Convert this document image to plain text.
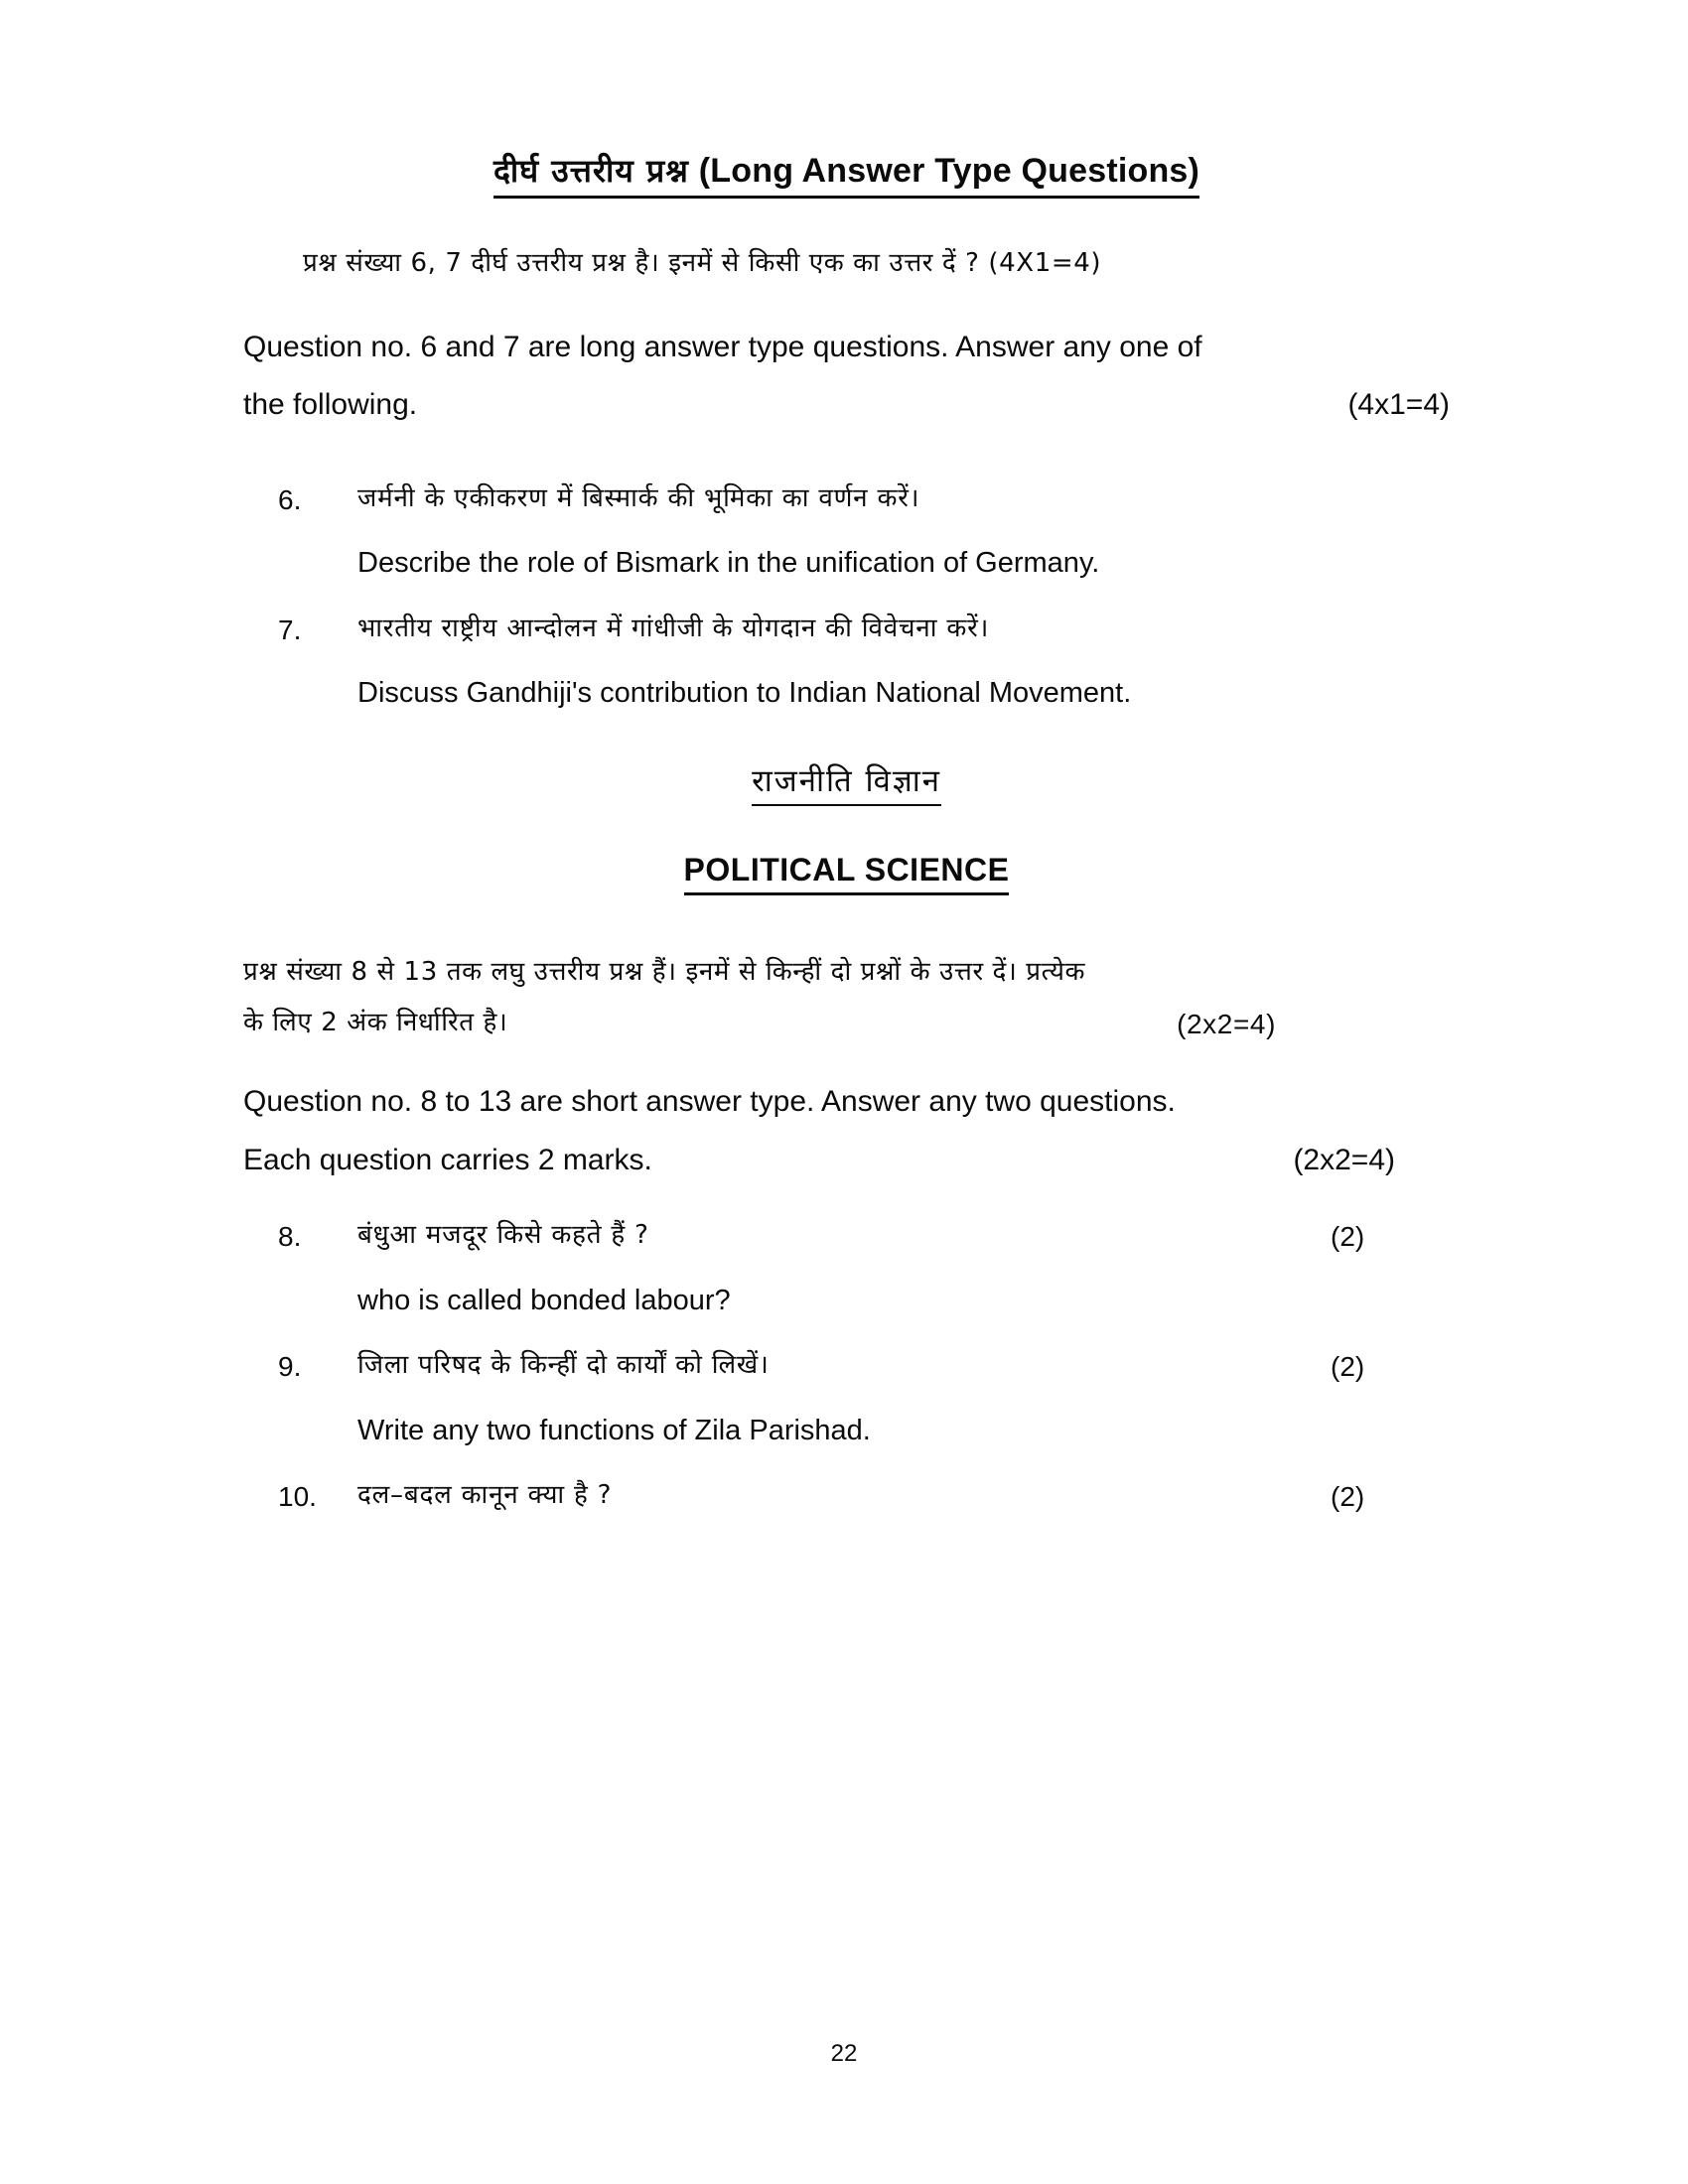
दीर्घ उत्तरीय प्रश्न (Long Answer Type Questions)

प्रश्न संख्या 6, 7 दीर्घ उत्तरीय प्रश्न है। इनमें से किसी एक का उत्तर दें ? (4X1=4)

Question no. 6 and 7 are long answer type questions. Answer any one of
the following.	(4x1=4)
6.	जर्मनी के एकीकरण में बिस्मार्क की भूमिका का वर्णन करें।
Describe the role of Bismark in the unification of Germany.
7.	भारतीय राष्ट्रीय आन्दोलन में गांधीजी के योगदान की विवेचना करें।
Discuss Gandhiji's contribution to Indian National Movement.
राजनीति विज्ञान
POLITICAL SCIENCE
प्रश्न संख्या 8 से 13 तक लघु उत्तरीय प्रश्न हैं। इनमें से किन्हीं दो प्रश्नों के उत्तर दें। प्रत्येक
के लिए 2 अंक निर्धारित है।	(2x2=4)
Question no. 8 to 13 are short answer type. Answer any two questions.
Each question carries 2 marks.	(2x2=4)
8.	बंधुआ मजदूर किसे कहते हैं ?
who is called bonded labour?
(2)
9.	जिला परिषद के किन्हीं दो कार्यों को लिखें।
Write any two functions of Zila Parishad.
(2)
10.	दल–बदल कानून क्या है ?	(2)
22
